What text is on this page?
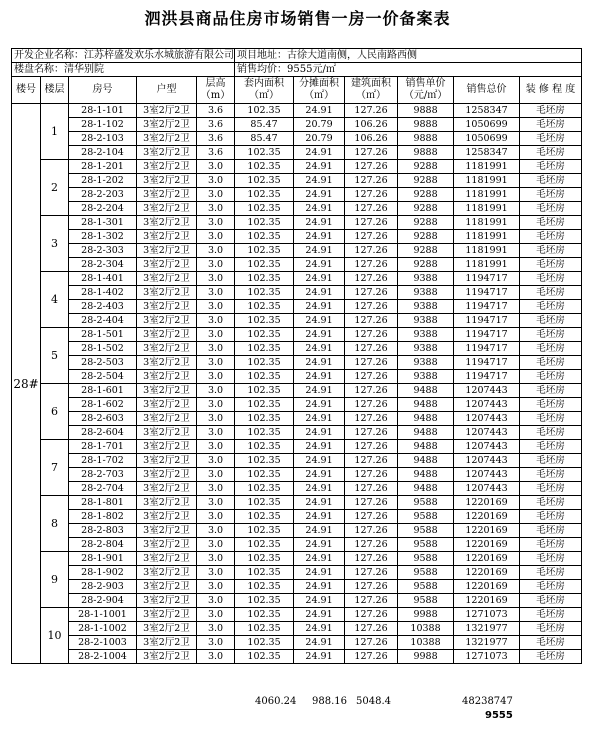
泗洪县商品住房市场销售一房一价备案表
开发企业名称：江苏梓盛发欢乐水城旅游有限公司					项目地址：古徐大道南侧，人民南路西侧					
楼盘名称：清华别院					销售均价：9555元/㎡					
楼号	楼层	房号	户型	层高（m）	套内面积（㎡）	分摊面积（㎡）	建筑面积（㎡）	销售单价（元/㎡）	销售总价	装 修 程 度
28#	1	28-1-101	3室2厅2卫	3.6	102.35	24.91	127.26	9888	1258347	毛坯房
		28-1-102	3室2厅2卫	3.6	85.47	20.79	106.26	9888	1050699	毛坯房
		28-2-103	3室2厅2卫	3.6	85.47	20.79	106.26	9888	1050699	毛坯房
		28-2-104	3室2厅2卫	3.6	102.35	24.91	127.26	9888	1258347	毛坯房
	2	28-1-201	3室2厅2卫	3.0	102.35	24.91	127.26	9288	1181991	毛坯房
		28-1-202	3室2厅2卫	3.0	102.35	24.91	127.26	9288	1181991	毛坯房
		28-2-203	3室2厅2卫	3.0	102.35	24.91	127.26	9288	1181991	毛坯房
		28-2-204	3室2厅2卫	3.0	102.35	24.91	127.26	9288	1181991	毛坯房
	3	28-1-301	3室2厅2卫	3.0	102.35	24.91	127.26	9288	1181991	毛坯房
		28-1-302	3室2厅2卫	3.0	102.35	24.91	127.26	9288	1181991	毛坯房
		28-2-303	3室2厅2卫	3.0	102.35	24.91	127.26	9288	1181991	毛坯房
		28-2-304	3室2厅2卫	3.0	102.35	24.91	127.26	9288	1181991	毛坯房
	4	28-1-401	3室2厅2卫	3.0	102.35	24.91	127.26	9388	1194717	毛坯房
		28-1-402	3室2厅2卫	3.0	102.35	24.91	127.26	9388	1194717	毛坯房
		28-2-403	3室2厅2卫	3.0	102.35	24.91	127.26	9388	1194717	毛坯房
		28-2-404	3室2厅2卫	3.0	102.35	24.91	127.26	9388	1194717	毛坯房
	5	28-1-501	3室2厅2卫	3.0	102.35	24.91	127.26	9388	1194717	毛坯房
		28-1-502	3室2厅2卫	3.0	102.35	24.91	127.26	9388	1194717	毛坯房
		28-2-503	3室2厅2卫	3.0	102.35	24.91	127.26	9388	1194717	毛坯房
		28-2-504	3室2厅2卫	3.0	102.35	24.91	127.26	9388	1194717	毛坯房
	6	28-1-601	3室2厅2卫	3.0	102.35	24.91	127.26	9488	1207443	毛坯房
		28-1-602	3室2厅2卫	3.0	102.35	24.91	127.26	9488	1207443	毛坯房
		28-2-603	3室2厅2卫	3.0	102.35	24.91	127.26	9488	1207443	毛坯房
		28-2-604	3室2厅2卫	3.0	102.35	24.91	127.26	9488	1207443	毛坯房
	7	28-1-701	3室2厅2卫	3.0	102.35	24.91	127.26	9488	1207443	毛坯房
		28-1-702	3室2厅2卫	3.0	102.35	24.91	127.26	9488	1207443	毛坯房
		28-2-703	3室2厅2卫	3.0	102.35	24.91	127.26	9488	1207443	毛坯房
		28-2-704	3室2厅2卫	3.0	102.35	24.91	127.26	9488	1207443	毛坯房
	8	28-1-801	3室2厅2卫	3.0	102.35	24.91	127.26	9588	1220169	毛坯房
		28-1-802	3室2厅2卫	3.0	102.35	24.91	127.26	9588	1220169	毛坯房
		28-2-803	3室2厅2卫	3.0	102.35	24.91	127.26	9588	1220169	毛坯房
		28-2-804	3室2厅2卫	3.0	102.35	24.91	127.26	9588	1220169	毛坯房
	9	28-1-901	3室2厅2卫	3.0	102.35	24.91	127.26	9588	1220169	毛坯房
		28-1-902	3室2厅2卫	3.0	102.35	24.91	127.26	9588	1220169	毛坯房
		28-2-903	3室2厅2卫	3.0	102.35	24.91	127.26	9588	1220169	毛坯房
		28-2-904	3室2厅2卫	3.0	102.35	24.91	127.26	9588	1220169	毛坯房
	10	28-1-1001	3室2厅2卫	3.0	102.35	24.91	127.26	9988	1271073	毛坯房
		28-1-1002	3室2厅2卫	3.0	102.35	24.91	127.26	10388	1321977	毛坯房
		28-2-1003	3室2厅2卫	3.0	102.35	24.91	127.26	10388	1321977	毛坯房
		28-2-1004	3室2厅2卫	3.0	102.35	24.91	127.26	9988	1271073	毛坯房
4060.24 988.16 5048.4	48238747
9555
